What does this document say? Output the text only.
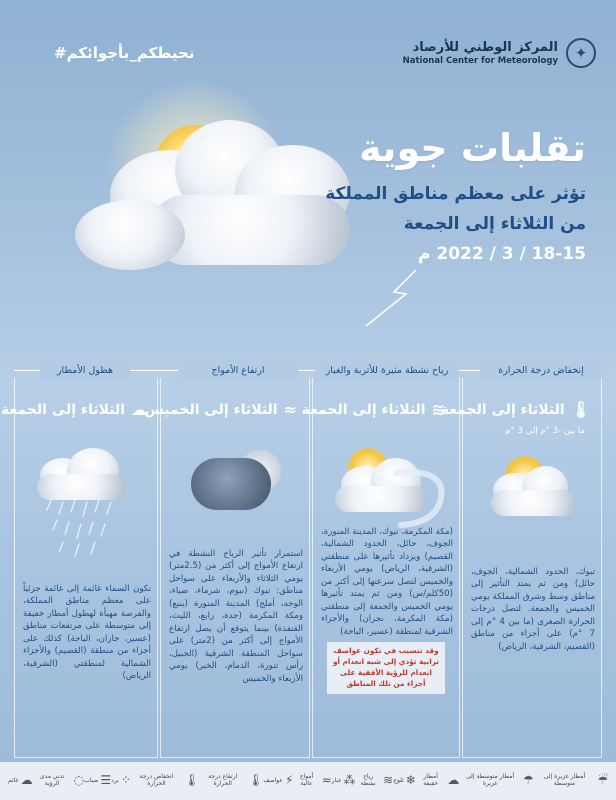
#نحيطكم_بأجوائكم	✦
المركز الوطني للأرصاد
National Center for Meteorology
تقلبات جوية
تؤثر على معظم مناطق المملكة
من الثلاثاء إلى الجمعة
18-15 / 3 / 2022 م
إنخفاض درجة الحرارة
🌡
الثلاثاء إلى الجمعة
ما بين -3 °م إلى 3 °م
تبوك، الحدود الشمالية، الجوف، حائل) ومن ثم يمتد التأثير إلى مناطق وسط وشرق المملكة يومي الخميس والجمعة. لتصل درجات الحرارة الصغرى (ما بين 4 °م إلى 7 °م) على أجزاء من مناطق (القصيم، الشرقية، الرياض)
رياح نشطة مثيرة للأتربة والغبار
≋
الثلاثاء إلى الجمعة
(مكة المكرمة، تبوك، المدينة المنورة، الجوف، حائل، الحدود الشمالية، القصيم) ويزداد تأثيرها على منطقتي (الشرقية، الرياض) يومي الأربعاء والخميس لتصل سرعتها إلى أكثر من (50كلم/س) ومن ثم يمتد تأثيرها يومي الخميس والجمعة إلى منطقتي (مكة المكرمة، نجران) والأجزاء الشرقية لمنطقة (عسير، الباحة)
وقد تتسبب في تكون عواصف ترابية تؤدي إلى شبه انعدام أو انعدام للرؤية الأفقية على أجزاء من تلك المناطق
ارتفاع الأمواج
≈
الثلاثاء إلى الخميس
استمرار تأثير الرياح النشطة في ارتفاع الأمواج إلى أكثر من (2.5متر) يومي الثلاثاء والأربعاء على سواحل مناطق: تبوك (نيوم، شرماء، ضباء، الوجه، أملج) المدينة المنورة (ينبع) ومكة المكرمة (جدة، رابغ، الليث، القنفذة) بينما يتوقع أن يصل ارتفاع الأمواج إلى أكثر من (2متر) على سواحل المنطقة الشرقية (الجبيل، رأس تنورة، الدمام، الخبر) يومي الأربعاء والخميس
هطول الأمطار
☁
الثلاثاء إلى الجمعة
تكون السماء غائمة إلى غائمة جزئياً على معظم مناطق المملكة، والفرصة مهيأة لهطول أمطار خفيفة إلى متوسطة على مرتفعات مناطق (عسير، جازان، الباحة) كذلك على أجزاء من منطقة (القصيم) والأجزاء الشمالية لمنطقتي (الشرقية، الرياض)
☔
أمطار غزيرة إلى متوسطة
☂
أمطار متوسطة إلى غزيرة
☁
أمطار خفيفة
❄
ثلوج
≋
رياح نشطة
⁂
غبار
≈
أمواج عالية
⚡
عواصف
🌡
ارتفاع درجة الحرارة
🌡
انخفاض درجة الحرارة
⁘
برد
☰
ضباب
◌
تدني مدى الرؤية
☁
غائم
